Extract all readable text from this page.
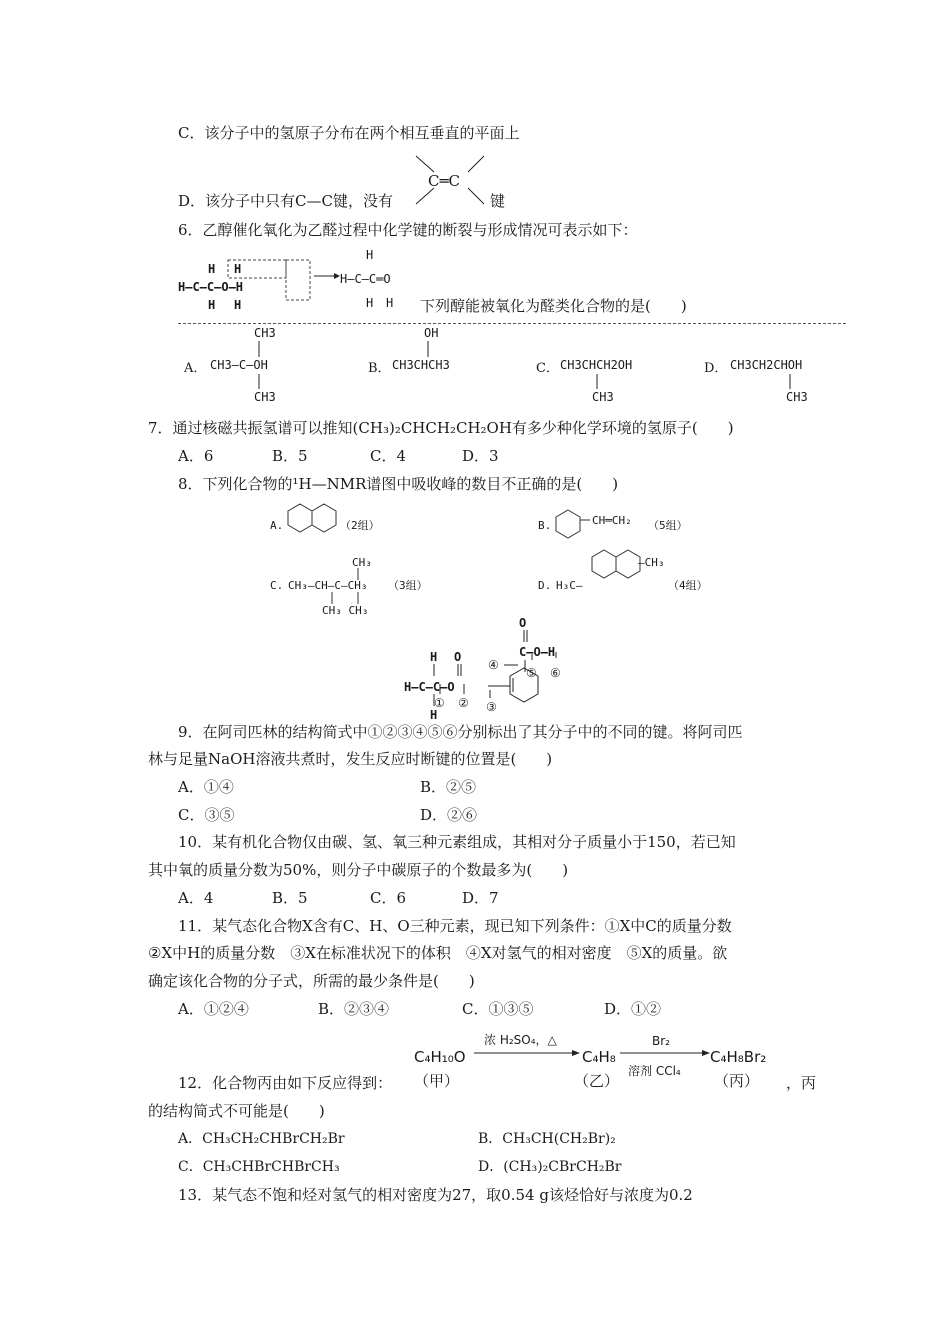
C．该分子中的氢原子分布在两个相互垂直的平面上
D．该分子中只有C—C键，没有
C═C
键
6．乙醇催化氧化为乙醛过程中化学键的断裂与形成情况可表示如下：
H H
H—C—C—O—H
H H
H
H—C—C═O
H H 下列醇能被氧化为醛类化合物的是(　　)
A．
CH3
CH3—C—OH
CH3
B．
OH
CH3CHCH3	C． CH3CHCH2OH
CH3
D． CH3CH2CHOH
CH3
7．通过核磁共振氢谱可以推知(CH₃)₂CHCH₂CH₂OH有多少种化学环境的氢原子(　　)
A．6	B．5	C．4	D．3
8．下列化合物的¹H—NMR谱图中吸收峰的数目不正确的是(　　)
A.	（2组）	B.	CH═CH₂ （5组）
C.
CH₃
CH₃—CH—C—CH₃
CH₃ CH₃
（3组）	D. H₃C—
—CH₃
（4组）
H O
H—C—C—O
H
O
C—O—H
① ② ③
④
⑤ ⑥
9．在阿司匹林的结构简式中①②③④⑤⑥分别标出了其分子中的不同的键。将阿司匹
林与足量NaOH溶液共煮时，发生反应时断键的位置是(　　)
A．①④	B．②⑤
C．③⑤	D．②⑥
10．某有机化合物仅由碳、氢、氧三种元素组成，其相对分子质量小于150，若已知
其中氧的质量分数为50%，则分子中碳原子的个数最多为(　　)
A．4	B．5	C．6	D．7
11．某气态化合物X含有C、H、O三种元素，现已知下列条件：①X中C的质量分数
②X中H的质量分数　③X在标准状况下的体积　④X对氢气的相对密度　⑤X的质量。欲
确定该化合物的分子式，所需的最少条件是(　　)
A．①②④	B．②③④	C．①③⑤	D．①②
12．化合物丙由如下反应得到：
C₄H₁₀O
（甲）
浓 H₂SO₄，△
C₄H₈
（乙）
Br₂
溶剂 CCl₄
C₄H₈Br₂
（丙） ，丙
的结构简式不可能是(　　)
A．CH₃CH₂CHBrCH₂Br	B．CH₃CH(CH₂Br)₂
C．CH₃CHBrCHBrCH₃	D．(CH₃)₂CBrCH₂Br
13．某气态不饱和烃对氢气的相对密度为27，取0.54 g该烃恰好与浓度为0.2
